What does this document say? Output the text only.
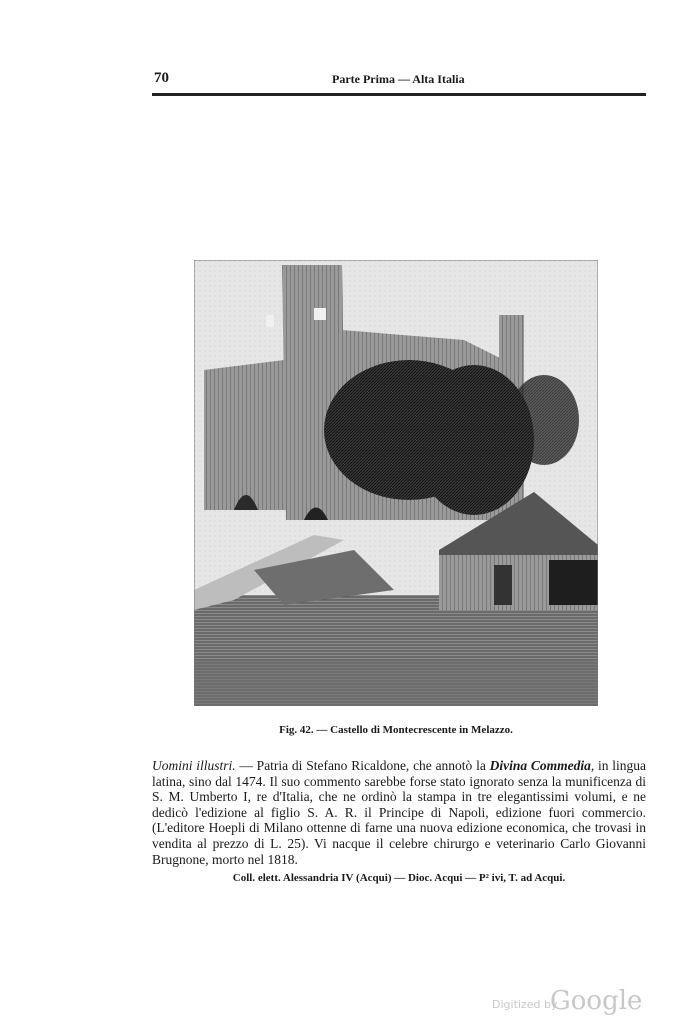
70	Parte Prima — Alta Italia
Fig. 42. — Castello di Montecrescente in Melazzo.
Uomini illustri. — Patria di Stefano Ricaldone, che annotò la Divina Commedia, in lingua latina, sino dal 1474. Il suo commento sarebbe forse stato ignorato senza la munificenza di S. M. Umberto I, re d'Italia, che ne ordinò la stampa in tre elegantissimi volumi, e ne dedicò l'edizione al figlio S. A. R. il Principe di Napoli, edizione fuori commercio. (L'editore Hoepli di Milano ottenne di farne una nuova edizione economica, che trovasi in vendita al prezzo di L. 25). Vi nacque il celebre chirurgo e veterinario Carlo Giovanni Brugnone, morto nel 1818.
Coll. elett. Alessandria IV (Acqui) — Dioc. Acqui — P² ivi, T. ad Acqui.
Digitized by
Google
